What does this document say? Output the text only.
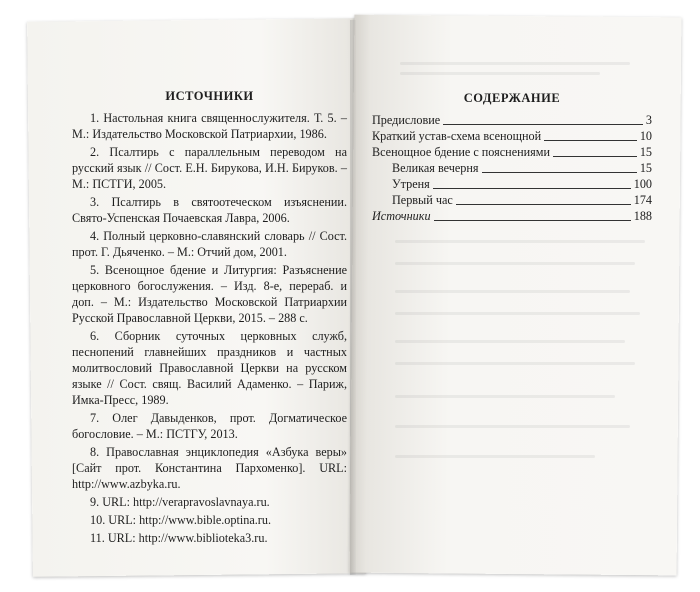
ИСТОЧНИКИ
1. Настольная книга священнослужителя. Т. 5. – М.: Издательство Московской Патриархии, 1986.
2. Псалтирь с параллельным переводом на русский язык // Сост. Е.Н. Бирукова, И.Н. Бируков. – М.: ПСТГИ, 2005.
3. Псалтирь в святоотеческом изъяснении. Свято-Успенская Почаевская Лавра, 2006.
4. Полный церковно-славянский словарь // Сост. прот. Г. Дьяченко. – М.: Отчий дом, 2001.
5. Всенощное бдение и Литургия: Разъяснение церковного богослужения. – Изд. 8-е, перераб. и доп. – М.: Издательство Московской Патриархии Русской Православной Церкви, 2015. – 288 с.
6. Сборник суточных церковных служб, песнопений главнейших праздников и частных молитвословий Православной Церкви на русском языке // Сост. свящ. Василий Адаменко. – Париж, Имка-Пресс, 1989.
7. Олег Давыденков, прот. Догматическое богословие. – М.: ПСТГУ, 2013.
8. Православная энциклопедия «Азбука веры» [Сайт прот. Константина Пархоменко]. URL: http://www.azbyka.ru.
9. URL: http://verapravoslavnaya.ru.
10. URL: http://www.bible.optina.ru.
11. URL: http://www.biblioteka3.ru.
СОДЕРЖАНИЕ
Предисловие	3
Краткий устав-схема всенощной	10
Всенощное бдение с пояснениями	15
Великая вечерня	15
Утреня	100
Первый час	174
Источники	188
